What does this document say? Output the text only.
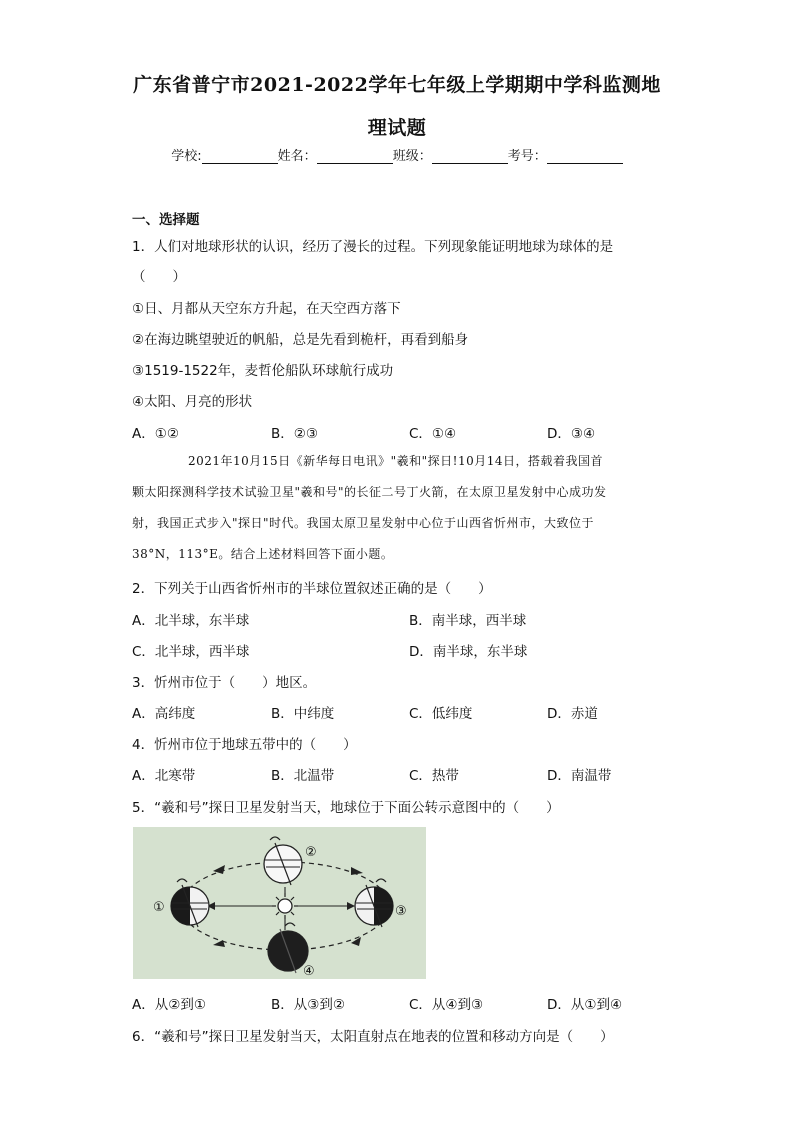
广东省普宁市2021-2022学年七年级上学期期中学科监测地
理试题
学校:	姓名：	班级：	考号：
一、选择题
1．人们对地球形状的认识，经历了漫长的过程。下列现象能证明地球为球体的是
（　　）
①日、月都从天空东方升起，在天空西方落下
②在海边眺望驶近的帆船，总是先看到桅杆，再看到船身
③1519-1522年，麦哲伦船队环球航行成功
④太阳、月亮的形状
A．①②	B．②③	C．①④	D．③④

2021年10月15日《新华每日电讯》"羲和"探日!10月14日，搭载着我国首

颗太阳探测科学技术试验卫星"羲和号"的长征二号丁火箭，在太原卫星发射中心成功发

射，我国正式步入"探日"时代。我国太原卫星发射中心位于山西省忻州市，大致位于

38°N，113°E。结合上述材料回答下面小题。

2．下列关于山西省忻州市的半球位置叙述正确的是（　　）
A．北半球，东半球	B．南半球，西半球
C．北半球，西半球	D．南半球，东半球
3．忻州市位于（　　）地区。
A．高纬度	B．中纬度	C．低纬度	D．赤道
4．忻州市位于地球五带中的（　　）
A．北寒带	B．北温带	C．热带	D．南温带
5．“羲和号”探日卫星发射当天，地球位于下面公转示意图中的（　　）
①
②
③
④
A．从②到①	B．从③到②	C．从④到③	D．从①到④
6．“羲和号”探日卫星发射当天，太阳直射点在地表的位置和移动方向是（　　）
